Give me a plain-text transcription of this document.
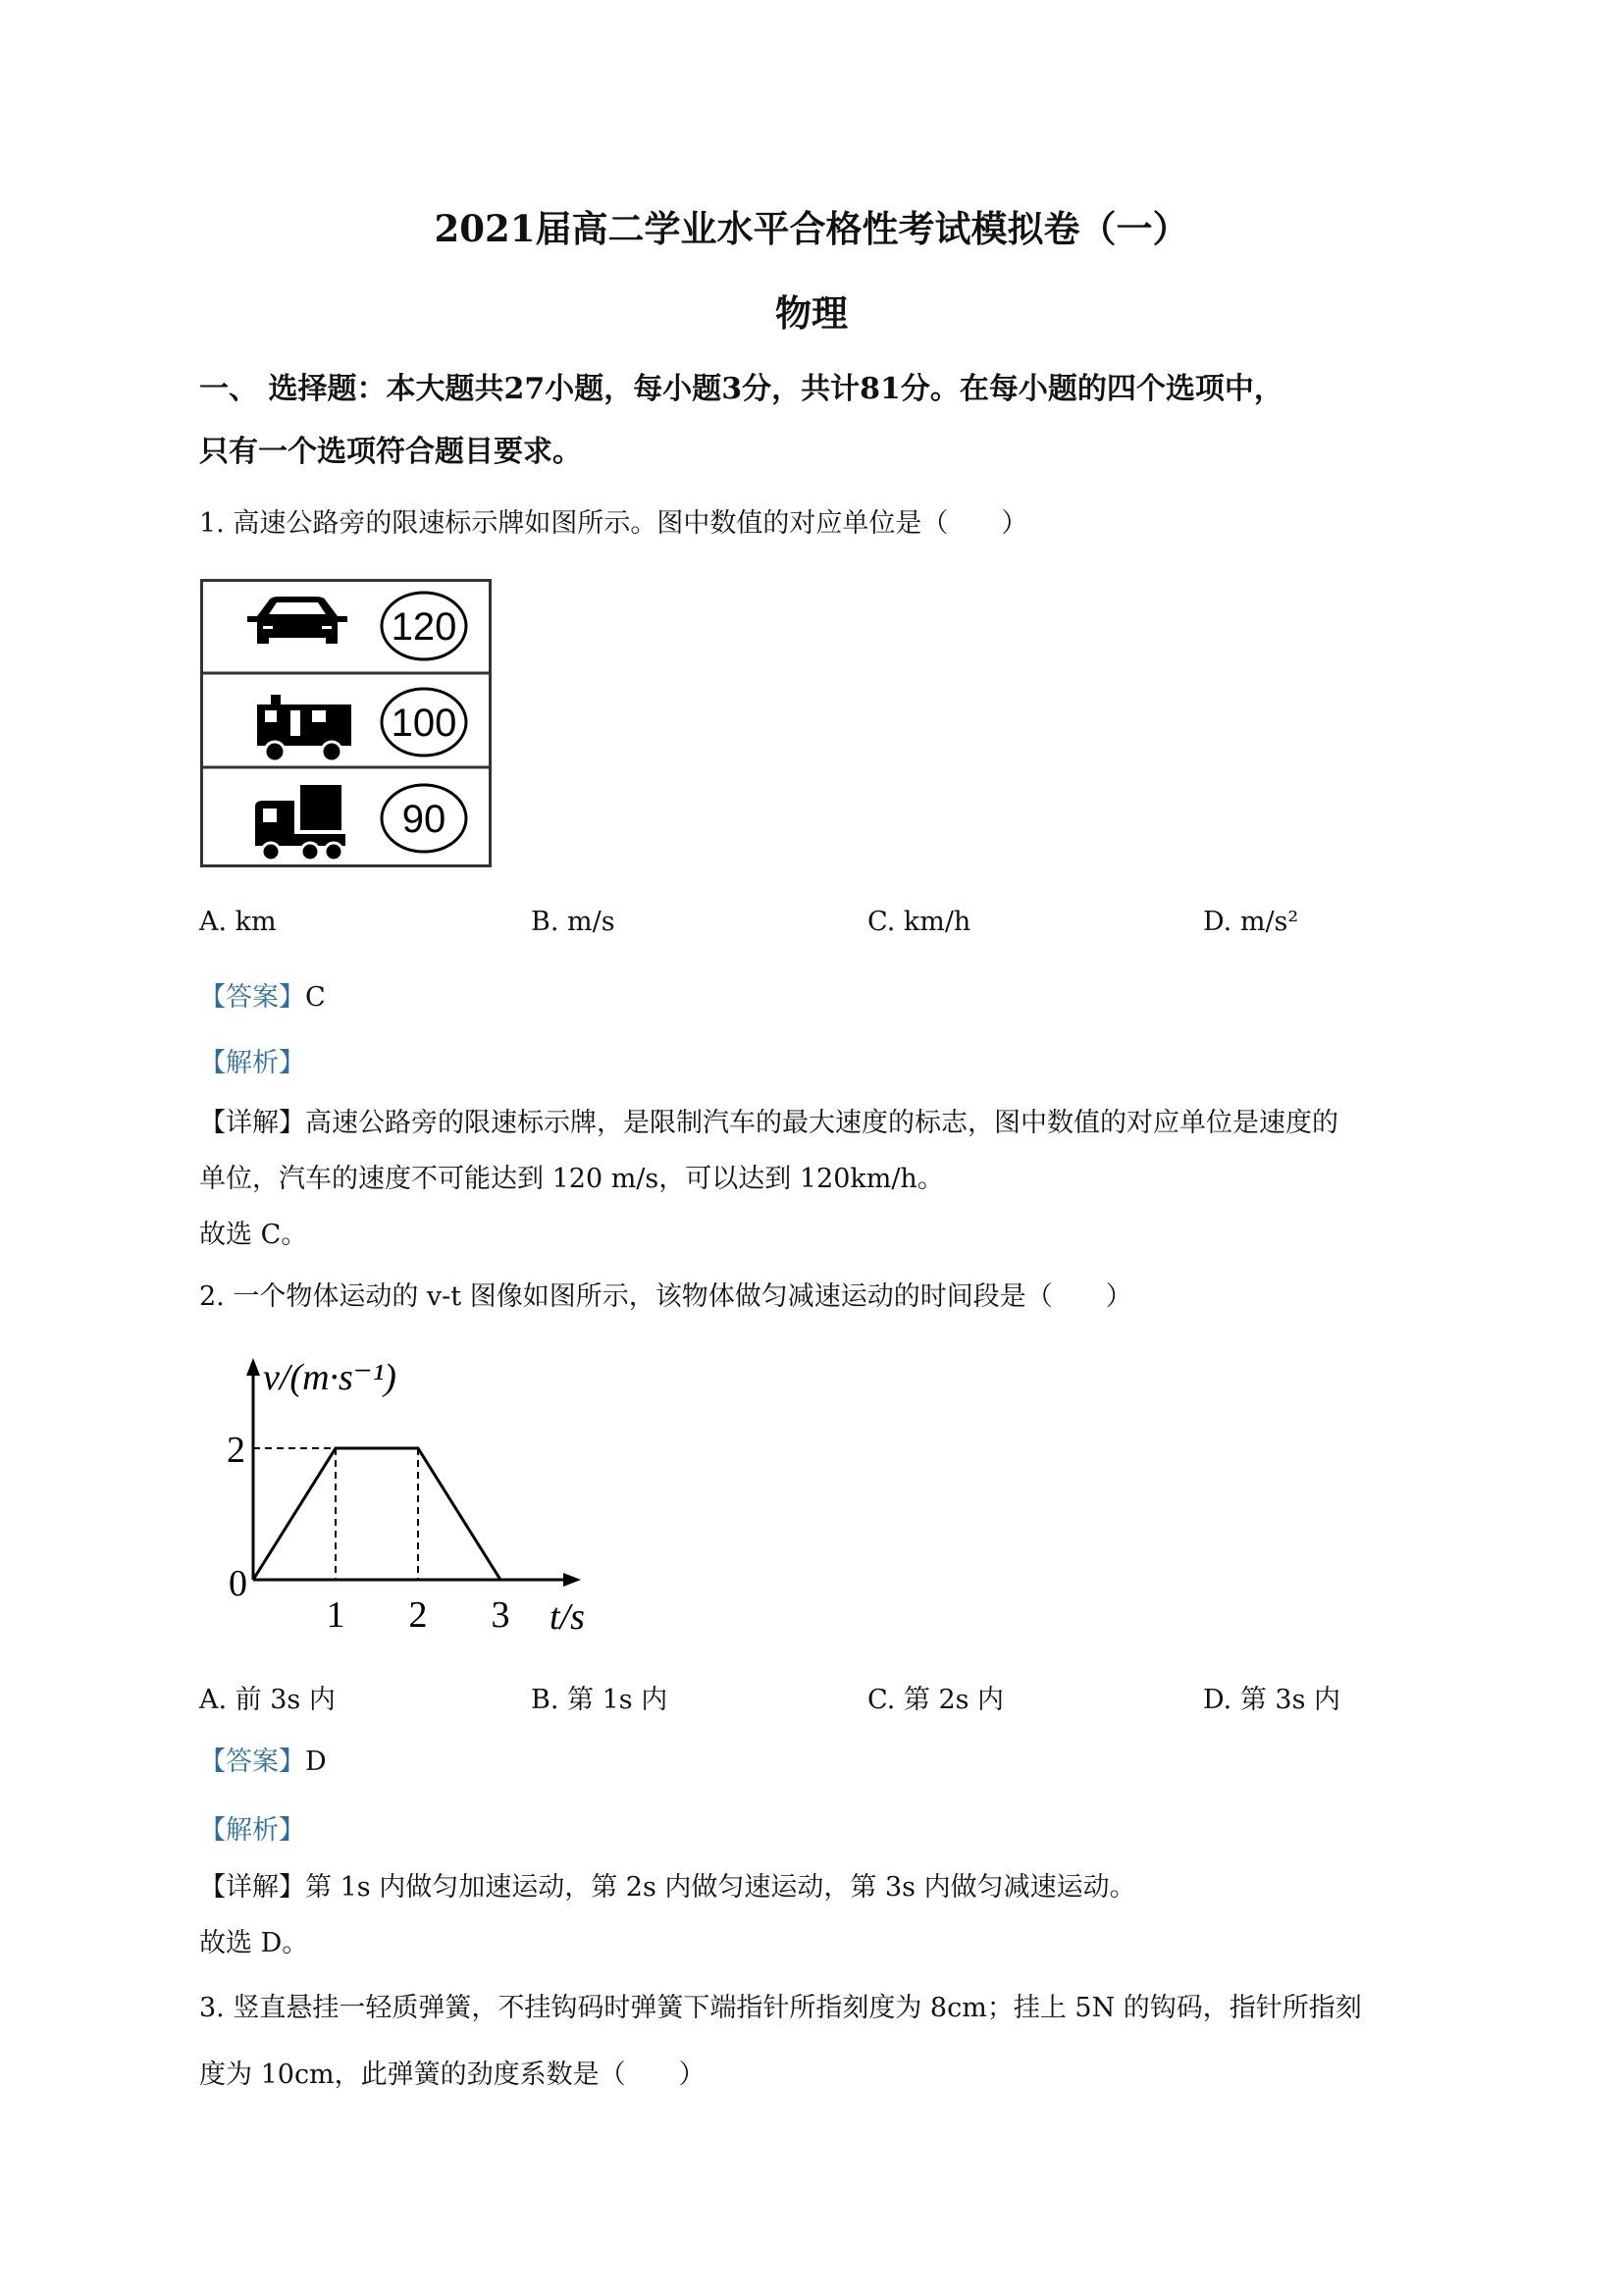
2021届高二学业水平合格性考试模拟卷（一）
物理
一、 选择题：本大题共27小题，每小题3分，共计81分。在每小题的四个选项中，
只有一个选项符合题目要求。
1. 高速公路旁的限速标示牌如图所示。图中数值的对应单位是（　　）
120
100
90
A. km	B. m/s	C. km/h	D. m/s²
【答案】C
【解析】
【详解】高速公路旁的限速标示牌，是限制汽车的最大速度的标志，图中数值的对应单位是速度的
单位，汽车的速度不可能达到 120 m/s，可以达到 120km/h。
故选 C。
2. 一个物体运动的 v-t 图像如图所示，该物体做匀减速运动的时间段是（　　）
v/(m·s⁻¹)
t/s
0
2
1 2 3
A. 前 3s 内	B. 第 1s 内	C. 第 2s 内	D. 第 3s 内
【答案】D
【解析】
【详解】第 1s 内做匀加速运动，第 2s 内做匀速运动，第 3s 内做匀减速运动。
故选 D。
3. 竖直悬挂一轻质弹簧，不挂钩码时弹簧下端指针所指刻度为 8cm；挂上 5N 的钩码，指针所指刻
度为 10cm，此弹簧的劲度系数是（　　）
